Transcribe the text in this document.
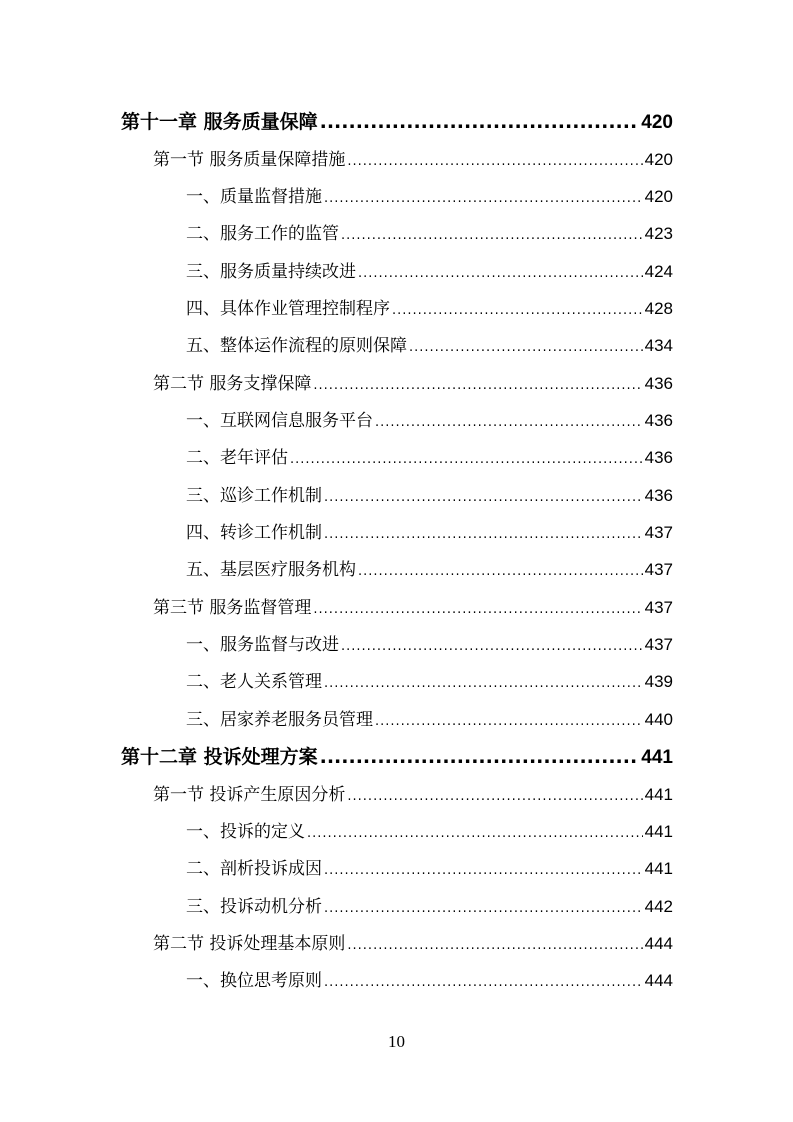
第十一章 服务质量保障 .....	420
第一节 服务质量保障措施 .....	420
一、质量监督措施 .....	420
二、服务工作的监管 .....	423
三、服务质量持续改进 .....	424
四、具体作业管理控制程序 .....	428
五、整体运作流程的原则保障 .....	434
第二节 服务支撑保障 .....	436
一、互联网信息服务平台 .....	436
二、老年评估 .....	436
三、巡诊工作机制 .....	436
四、转诊工作机制 .....	437
五、基层医疗服务机构 .....	437
第三节 服务监督管理 .....	437
一、服务监督与改进 .....	437
二、老人关系管理 .....	439
三、居家养老服务员管理 .....	440
第十二章 投诉处理方案 .....	441
第一节 投诉产生原因分析 .....	441
一、投诉的定义 .....	441
二、剖析投诉成因 .....	441
三、投诉动机分析 .....	442
第二节 投诉处理基本原则 .....	444
一、换位思考原则 .....	444
10
